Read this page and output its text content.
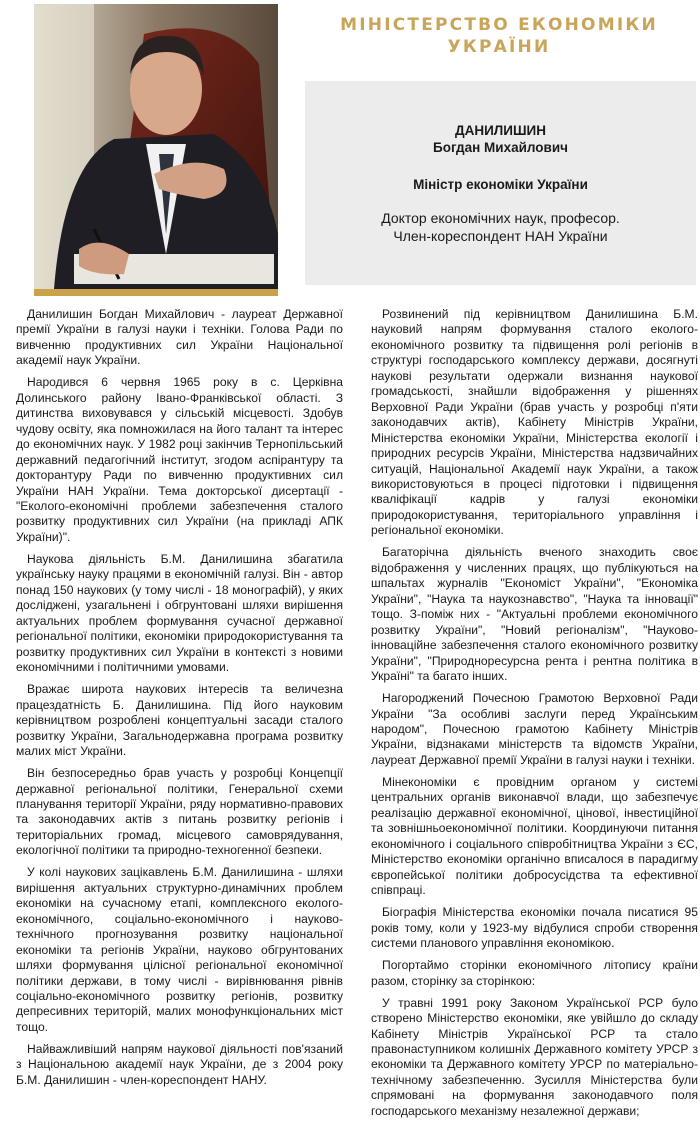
МІНІСТЕРСТВО ЕКОНОМІКИ
УКРАЇНИ
ДАНИЛИШИН
Богдан Михайлович
Міністр економіки України
Доктор економічних наук, професор.
Член-кореспондент НАН України

Данилишин Богдан Михайлович - лауреат Державної премії України в галузі науки і техніки. Голова Ради по вивченню продуктивних сил України Національної академії наук України.

Народився 6 червня 1965 року в с. Церківна Долинського району Івано-Франківської області. З дитинства виховувався у сільській місцевості. Здобув чудову освіту, яка помножилася на його талант та інтерес до економічних наук. У 1982 році закінчив Тернопільський державний педагогічний інститут, згодом аспірантуру та докторантуру Ради по вивченню продуктивних сил України НАН України. Тема докторської дисертації - "Еколого-економічні проблеми забезпечення сталого розвитку продуктивних сил України (на прикладі АПК України)".

Наукова діяльність Б.М. Данилишина збагатила українську науку працями в економічній галузі. Він - автор понад 150 наукових (у тому числі - 18 монографій), у яких досліджені, узагальнені і обгрунтовані шляхи вирішення актуальних проблем формування сучасної державної регіональної політики, економіки природокористування та розвитку продуктивних сил України в контексті з новими економічними і політичними умовами.

Вражає широта наукових інтересів та величезна працездатність Б. Данилишина. Під його науковим керівництвом розроблені концептуальні засади сталого розвитку України, Загальнодержавна програма розвитку малих міст України.

Він безпосередньо брав участь у розробці Концепції державної регіональної політики, Генеральної схеми планування території України, ряду нормативно-правових та законодавчих актів з питань розвитку регіонів і територіальних громад, місцевого самоврядування, екологічної політики та природно-техногенної безпеки.

У колі наукових зацікавлень Б.М. Данилишина - шляхи вирішення актуальних структурно-динамічних проблем економіки на сучасному етапі, комплексного еколого-економічного, соціально-економічного і науково-технічного прогнозування розвитку національної економіки та регіонів України, науково обгрунтованих шляхи формування цілісної регіональної економічної політики держави, в тому числі - вирівнювання рівнів соціально-економічного розвитку регіонів, розвитку депресивних територій, малих монофункціональних міст тощо.

Найважливіший напрям наукової діяльності пов'язаний з Національною академії наук України, де з 2004 року Б.М. Данилишин - член-кореспондент НАНУ.

Розвинений під керівництвом Данилишина Б.М. науковий напрям формування сталого еколого-економічного розвитку та підвищення ролі регіонів в структурі господарського комплексу держави, досягнуті наукові результати одержали визнання наукової громадськості, знайшли відображення у рішеннях Верховної Ради України (брав участь у розробці п'яти законодавчих актів), Кабінету Міністрів України, Міністерства економіки України, Міністерства екології і природних ресурсів України, Міністерства надзвичайних ситуацій, Національної Академії наук України, а також використовуються в процесі підготовки і підвищення кваліфікації кадрів у галузі економіки природокористування, територіального управління і регіональної економіки.

Багаторічна діяльність вченого знаходить своє відображення у численних працях, що публікуються на шпальтах журналів "Економіст України", "Економіка України", "Наука та наукознавство", "Наука та інновації" тощо. З-поміж них - "Актуальні проблеми економічного розвитку України", "Новий регіоналізм", "Науково-інноваційне забезпечення сталого економічного розвитку України", "Природноресурсна рента і рентна політика в Україні" та багато інших.

Нагороджений Почесною Грамотою Верховної Ради України "За особливі заслуги перед Українським народом", Почесною грамотою Кабінету Міністрів України, відзнаками міністерств та відомств України, лауреат Державної премії України в галузі науки і техніки.

Мінекономіки є провідним органом у системі центральних органів виконавчої влади, що забезпечує реалізацію державної економічної, цінової, інвестиційної та зовнішньоекономічної політики. Координуючи питання економічного і соціального співробітництва України з ЄС, Міністерство економіки органічно вписалося в парадигму європейської політики добросусідства та ефективної співпраці.

Біографія Міністерства економіки почала писатися 95 років тому, коли у 1923-му відбулися спроби створення системи планового управління економікою.

Погортаймо сторінки економічного літопису країни разом, сторінку за сторінкою:

У травні 1991 року Законом Української РСР було створено Міністерство економіки, яке увійшло до складу Кабінету Міністрів Української РСР та стало правонаступником колишніх Державного комітету УРСР з економіки та Державного комітету УРСР по матеріально-технічному забезпеченню. Зусилля Міністерства були спрямовані на формування законодавчого поля господарського механізму незалежної держави;
